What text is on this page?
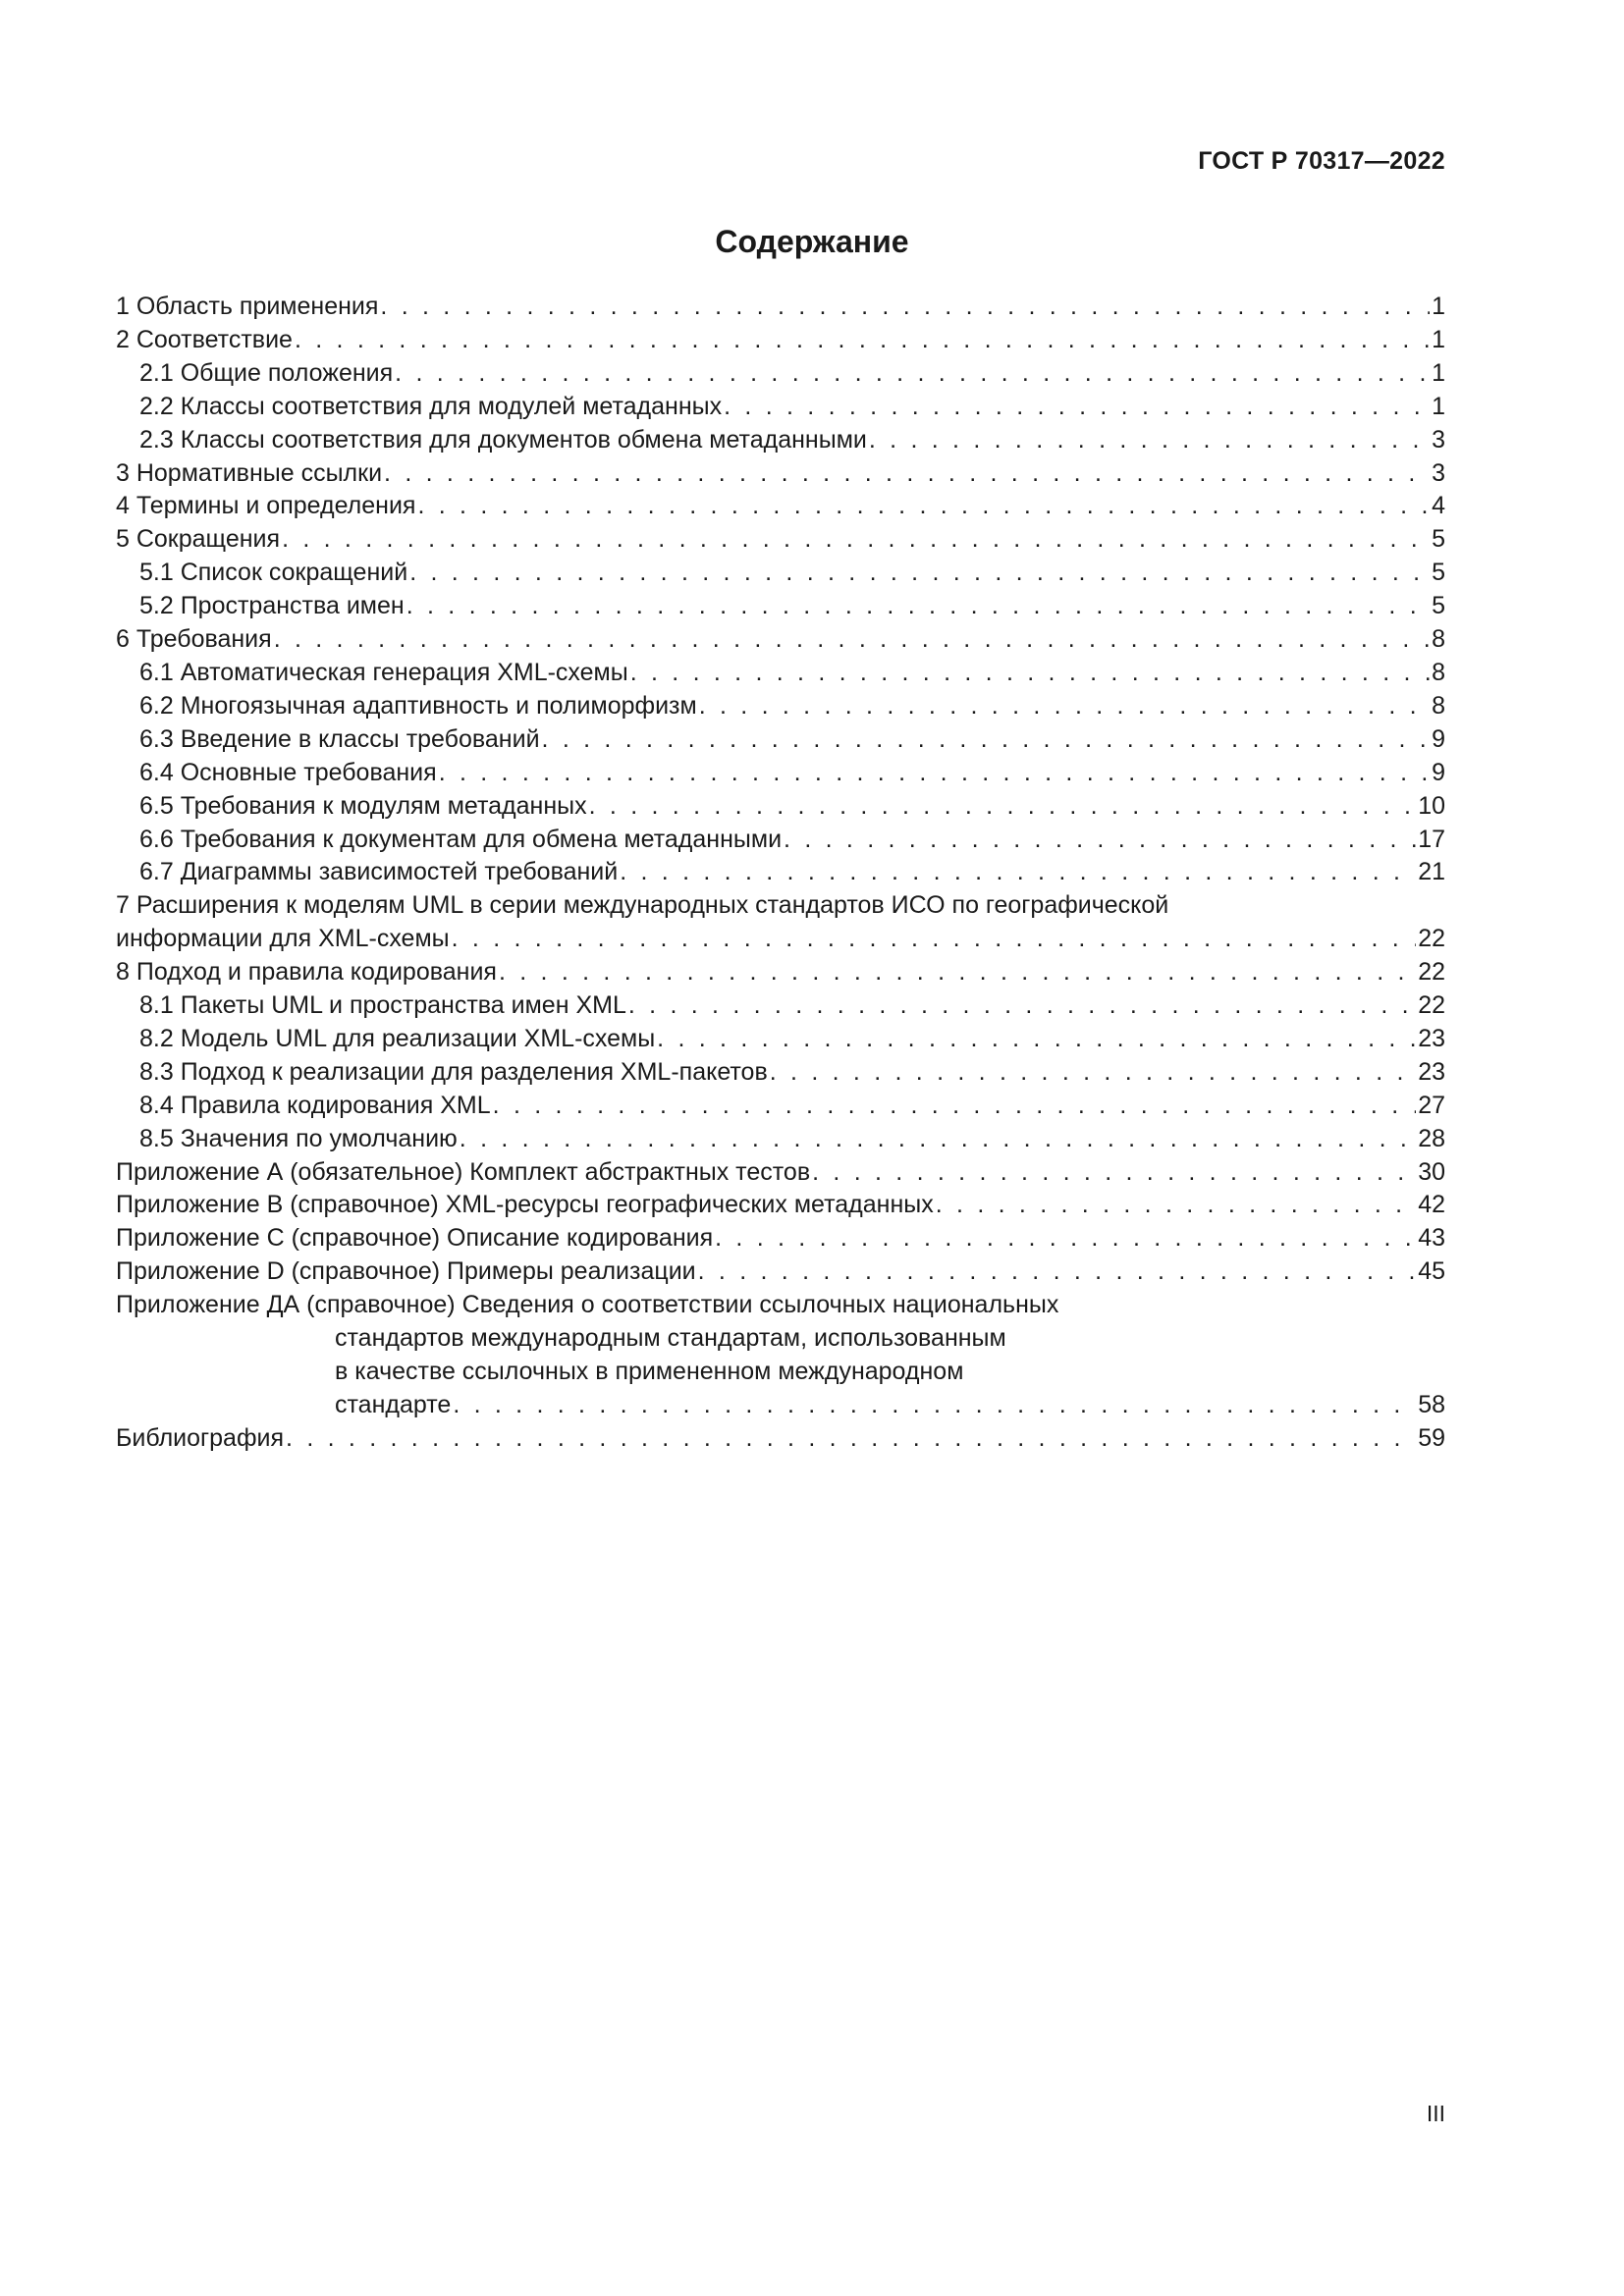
ГОСТ Р 70317—2022
Содержание
1 Область применения . . .	1
2 Соответствие . . .	1
2.1 Общие положения . . .	1
2.2 Классы соответствия для модулей метаданных . . .	1
2.3 Классы соответствия для документов обмена метаданными . . .	3
3 Нормативные ссылки . . .	3
4 Термины и определения . . .	4
5 Сокращения . . .	5
5.1 Список сокращений . . .	5
5.2 Пространства имен . . .	5
6 Требования . . .	8
6.1 Автоматическая генерация XML-схемы . . .	8
6.2 Многоязычная адаптивность и полиморфизм . . .	8
6.3 Введение в классы требований . . .	9
6.4 Основные требования . . .	9
6.5 Требования к модулям метаданных . . .	10
6.6 Требования к документам для обмена метаданными . . .	17
6.7 Диаграммы зависимостей требований . . .	21
7 Расширения к моделям UML в серии международных стандартов ИСО по географической
информации для XML-схемы . . .	22
8 Подход и правила кодирования . . .	22
8.1 Пакеты UML и пространства имен XML . . .	22
8.2 Модель UML для реализации XML-схемы . . .	23
8.3 Подход к реализации для разделения XML-пакетов . . .	23
8.4 Правила кодирования XML . . .	27
8.5 Значения по умолчанию . . .	28
Приложение А (обязательное) Комплект абстрактных тестов . . .	30
Приложение В (справочное) XML-ресурсы географических метаданных . . .	42
Приложение С (справочное) Описание кодирования . . .	43
Приложение D (справочное) Примеры реализации . . .	45
Приложение ДА (справочное) Сведения о соответствии ссылочных национальных
стандартов международным стандартам, использованным
в качестве ссылочных в примененном международном
стандарте . . .	58
Библиография . . .	59
III
